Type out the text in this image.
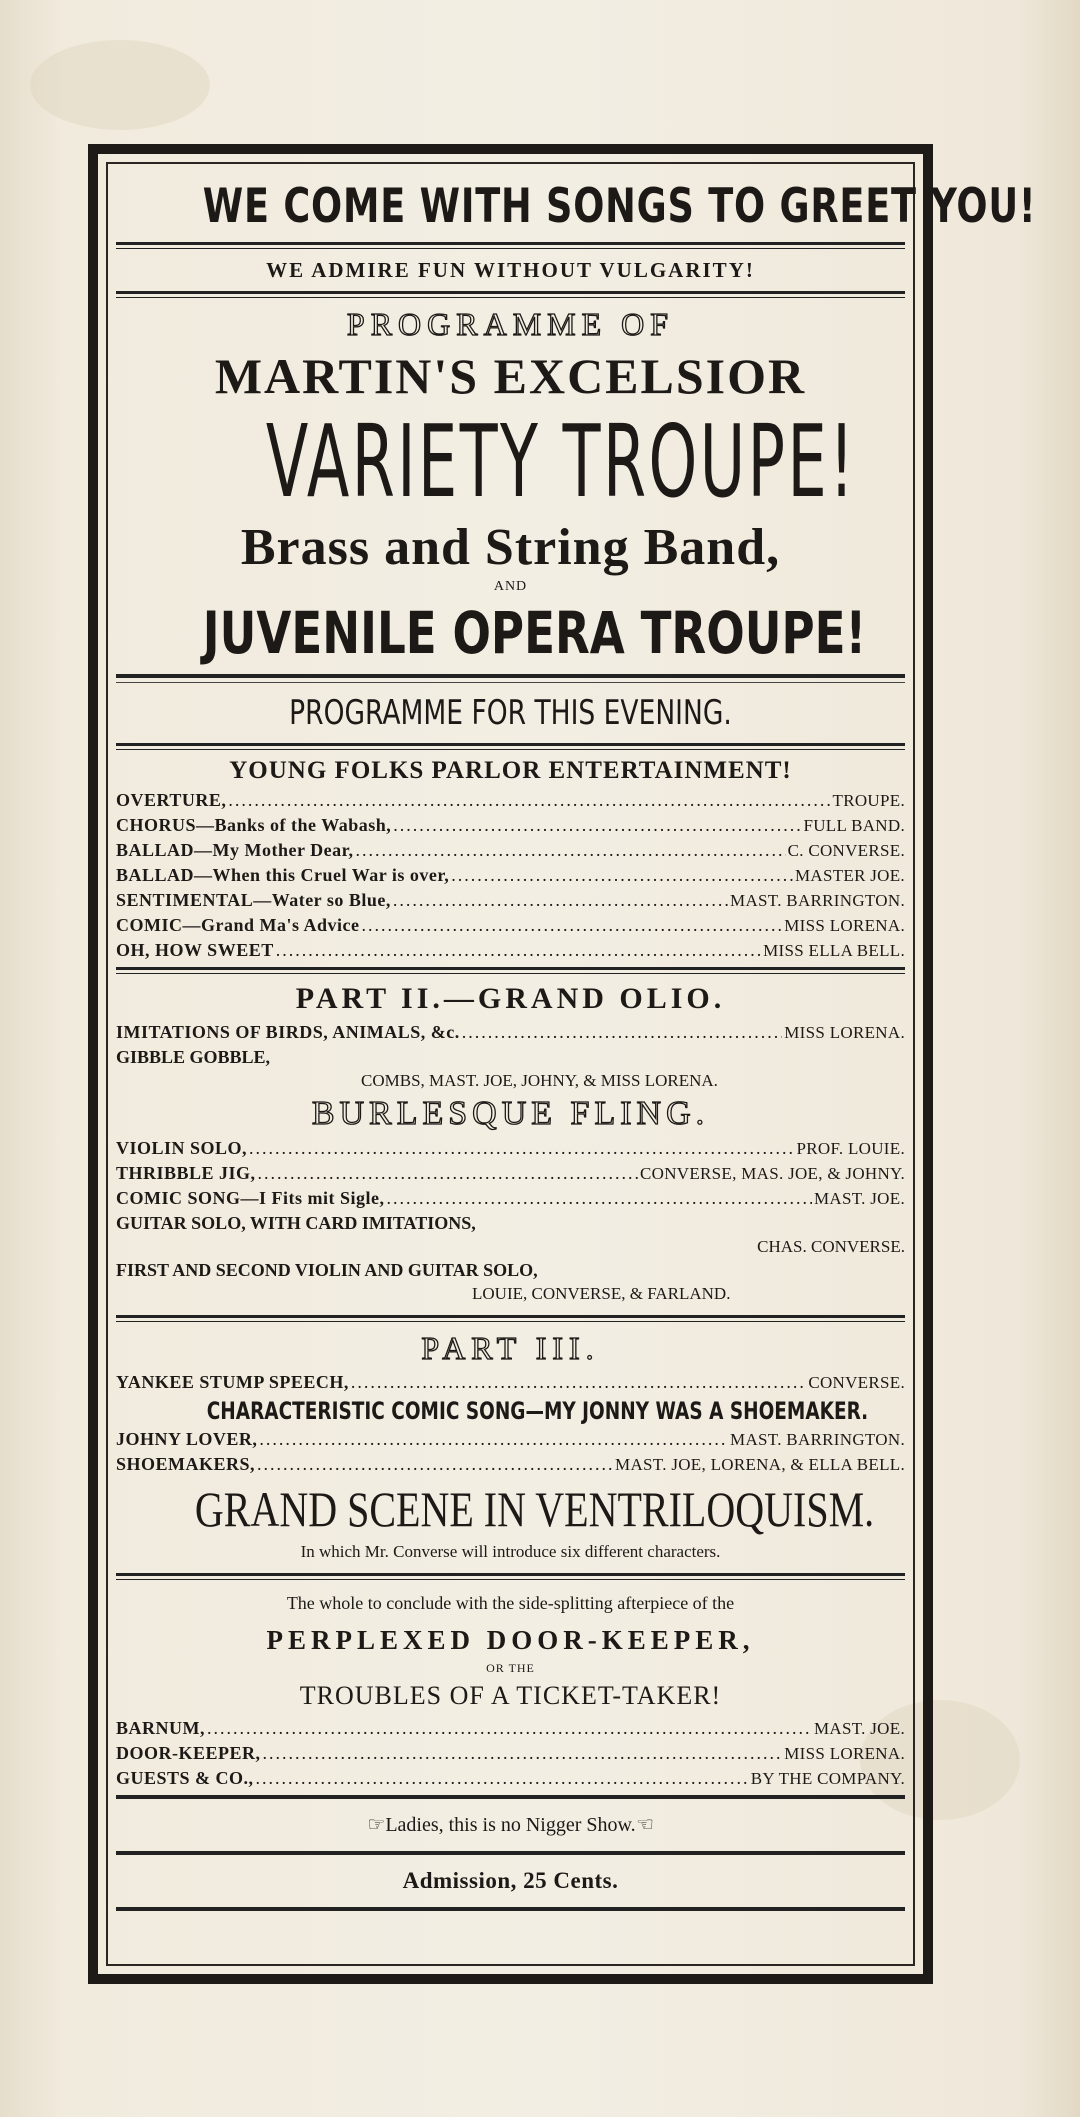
WE COME WITH SONGS TO GREET YOU!
WE ADMIRE FUN WITHOUT VULGARITY!
PROGRAMME OF
MARTIN'S EXCELSIOR
VARIETY TROUPE!
Brass and String Band,
AND
JUVENILE OPERA TROUPE!
PROGRAMME FOR THIS EVENING.
YOUNG FOLKS PARLOR ENTERTAINMENT!
OVERTURE, .....	TROUPE.
CHORUS—Banks of the Wabash, .....	FULL BAND.
BALLAD—My Mother Dear, .....	C. CONVERSE.
BALLAD—When this Cruel War is over, .....	MASTER JOE.
SENTIMENTAL—Water so Blue, .....	MAST. BARRINGTON.
COMIC—Grand Ma's Advice .....	MISS LORENA.
OH, HOW SWEET .....	MISS ELLA BELL.
PART II.—GRAND OLIO.
IMITATIONS OF BIRDS, ANIMALS, &c. .....	MISS LORENA.
GIBBLE GOBBLE,
COMBS, MAST. JOE, JOHNY, & MISS LORENA.
BURLESQUE FLING.
VIOLIN SOLO, .....	PROF. LOUIE.
THRIBBLE JIG, .....	CONVERSE, MAS. JOE, & JOHNY.
COMIC SONG—I Fits mit Sigle, .....	MAST. JOE.
GUITAR SOLO, WITH CARD IMITATIONS,
CHAS. CONVERSE.
FIRST AND SECOND VIOLIN AND GUITAR SOLO,
LOUIE, CONVERSE, & FARLAND.
PART III.
YANKEE STUMP SPEECH, .....	CONVERSE.
CHARACTERISTIC COMIC SONG—MY JONNY WAS A SHOEMAKER.
JOHNY LOVER, .....	MAST. BARRINGTON.
SHOEMAKERS, .....	MAST. JOE, LORENA, & ELLA BELL.
GRAND SCENE IN VENTRILOQUISM.
In which Mr. Converse will introduce six different characters.
The whole to conclude with the side-splitting afterpiece of the
PERPLEXED DOOR-KEEPER,
OR THE
TROUBLES OF A TICKET-TAKER!
BARNUM, .....	MAST. JOE.
DOOR-KEEPER, .....	MISS LORENA.
GUESTS & CO., .....	BY THE COMPANY.
☞Ladies, this is no Nigger Show.☞
Admission, 25 Cents.
